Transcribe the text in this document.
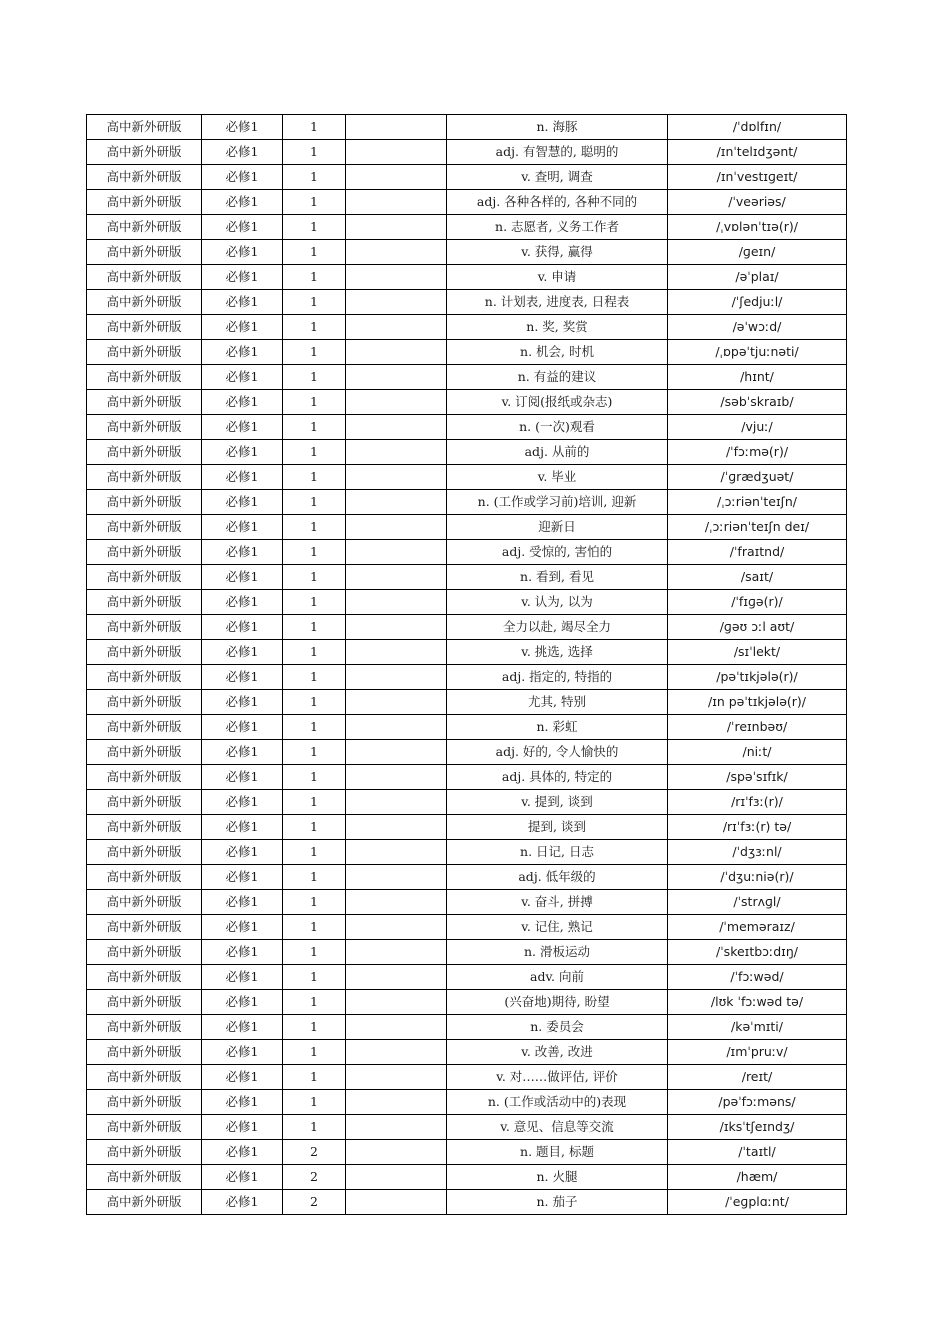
高中新外研版	必修1	1		n. 海豚	/ˈdɒlfɪn/
高中新外研版	必修1	1		adj. 有智慧的, 聪明的	/ɪnˈtelɪdʒənt/
高中新外研版	必修1	1		v. 查明, 调查	/ɪnˈvestɪɡeɪt/
高中新外研版	必修1	1		adj. 各种各样的, 各种不同的	/ˈveəriəs/
高中新外研版	必修1	1		n. 志愿者, 义务工作者	/ˌvɒlənˈtɪə(r)/
高中新外研版	必修1	1		v. 获得, 赢得	/ɡeɪn/
高中新外研版	必修1	1		v. 申请	/əˈplaɪ/
高中新外研版	必修1	1		n. 计划表, 进度表, 日程表	/ˈʃedjuːl/
高中新外研版	必修1	1		n. 奖, 奖赏	/əˈwɔːd/
高中新外研版	必修1	1		n. 机会, 时机	/ˌɒpəˈtjuːnəti/
高中新外研版	必修1	1		n. 有益的建议	/hɪnt/
高中新外研版	必修1	1		v. 订阅(报纸或杂志)	/səbˈskraɪb/
高中新外研版	必修1	1		n. (一次)观看	/vjuː/
高中新外研版	必修1	1		adj. 从前的	/ˈfɔːmə(r)/
高中新外研版	必修1	1		v. 毕业	/ˈɡrædʒuət/
高中新外研版	必修1	1		n. (工作或学习前)培训, 迎新	/ˌɔːriənˈteɪʃn/
高中新外研版	必修1	1		迎新日	/ˌɔːriənˈteɪʃn deɪ/
高中新外研版	必修1	1		adj. 受惊的, 害怕的	/ˈfraɪtnd/
高中新外研版	必修1	1		n. 看到, 看见	/saɪt/
高中新外研版	必修1	1		v. 认为, 以为	/ˈfɪɡə(r)/
高中新外研版	必修1	1		全力以赴, 竭尽全力	/ɡəʊ ɔːl aʊt/
高中新外研版	必修1	1		v. 挑选, 选择	/sɪˈlekt/
高中新外研版	必修1	1		adj. 指定的, 特指的	/pəˈtɪkjələ(r)/
高中新外研版	必修1	1		尤其, 特别	/ɪn pəˈtɪkjələ(r)/
高中新外研版	必修1	1		n. 彩虹	/ˈreɪnbəʊ/
高中新外研版	必修1	1		adj. 好的, 令人愉快的	/niːt/
高中新外研版	必修1	1		adj. 具体的, 特定的	/spəˈsɪfɪk/
高中新外研版	必修1	1		v. 提到, 谈到	/rɪˈfɜː(r)/
高中新外研版	必修1	1		提到, 谈到	/rɪˈfɜː(r) tə/
高中新外研版	必修1	1		n. 日记, 日志	/ˈdʒɜːnl/
高中新外研版	必修1	1		adj. 低年级的	/ˈdʒuːniə(r)/
高中新外研版	必修1	1		v. 奋斗, 拼搏	/ˈstrʌɡl/
高中新外研版	必修1	1		v. 记住, 熟记	/ˈmeməraɪz/
高中新外研版	必修1	1		n. 滑板运动	/ˈskeɪtbɔːdɪŋ/
高中新外研版	必修1	1		adv. 向前	/ˈfɔːwəd/
高中新外研版	必修1	1		(兴奋地)期待, 盼望	/lʊk ˈfɔːwəd tə/
高中新外研版	必修1	1		n. 委员会	/kəˈmɪti/
高中新外研版	必修1	1		v. 改善, 改进	/ɪmˈpruːv/
高中新外研版	必修1	1		v. 对……做评估, 评价	/reɪt/
高中新外研版	必修1	1		n. (工作或活动中的)表现	/pəˈfɔːməns/
高中新外研版	必修1	1		v. 意见、信息等交流	/ɪksˈtʃeɪndʒ/
高中新外研版	必修1	2		n. 题目, 标题	/ˈtaɪtl/
高中新外研版	必修1	2		n. 火腿	/hæm/
高中新外研版	必修1	2		n. 茄子	/ˈeɡplɑːnt/
